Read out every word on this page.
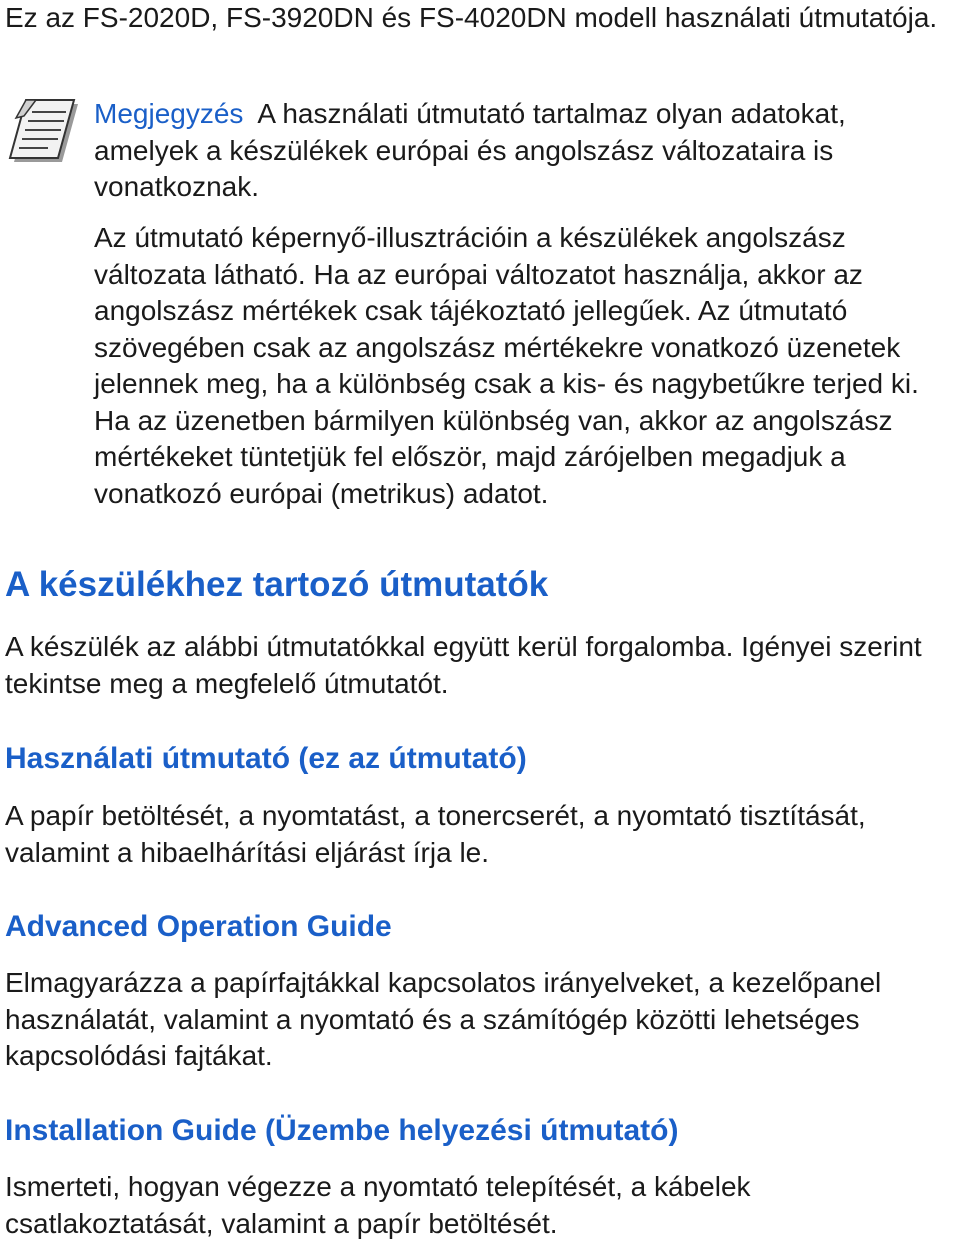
Ez az FS-2020D, FS-3920DN és FS-4020DN modell használati útmutatója.

Megjegyzés A használati útmutató tartalmaz olyan adatokat, amelyek a készülékek európai és angolszász változataira is vonatkoznak.

Az útmutató képernyő-illusztrációin a készülékek angolszász változata látható. Ha az európai változatot használja, akkor az angolszász mértékek csak tájékoztató jellegűek. Az útmutató szövegében csak az angolszász mértékekre vonatkozó üzenetek jelennek meg, ha a különbség csak a kis- és nagybetűkre terjed ki. Ha az üzenetben bármilyen különbség van, akkor az angolszász mértékeket tüntetjük fel először, majd zárójelben megadjuk a vonatkozó európai (metrikus) adatot.

A készülékhez tartozó útmutatók

A készülék az alábbi útmutatókkal együtt kerül forgalomba. Igényei szerint tekintse meg a megfelelő útmutatót.

Használati útmutató (ez az útmutató)

A papír betöltését, a nyomtatást, a tonercserét, a nyomtató tisztítását, valamint a hibaelhárítási eljárást írja le.

Advanced Operation Guide

Elmagyarázza a papírfajtákkal kapcsolatos irányelveket, a kezelőpanel használatát, valamint a nyomtató és a számítógép közötti lehetséges kapcsolódási fajtákat.

Installation Guide (Üzembe helyezési útmutató)

Ismerteti, hogyan végezze a nyomtató telepítését, a kábelek csatlakoztatását, valamint a papír betöltését.
